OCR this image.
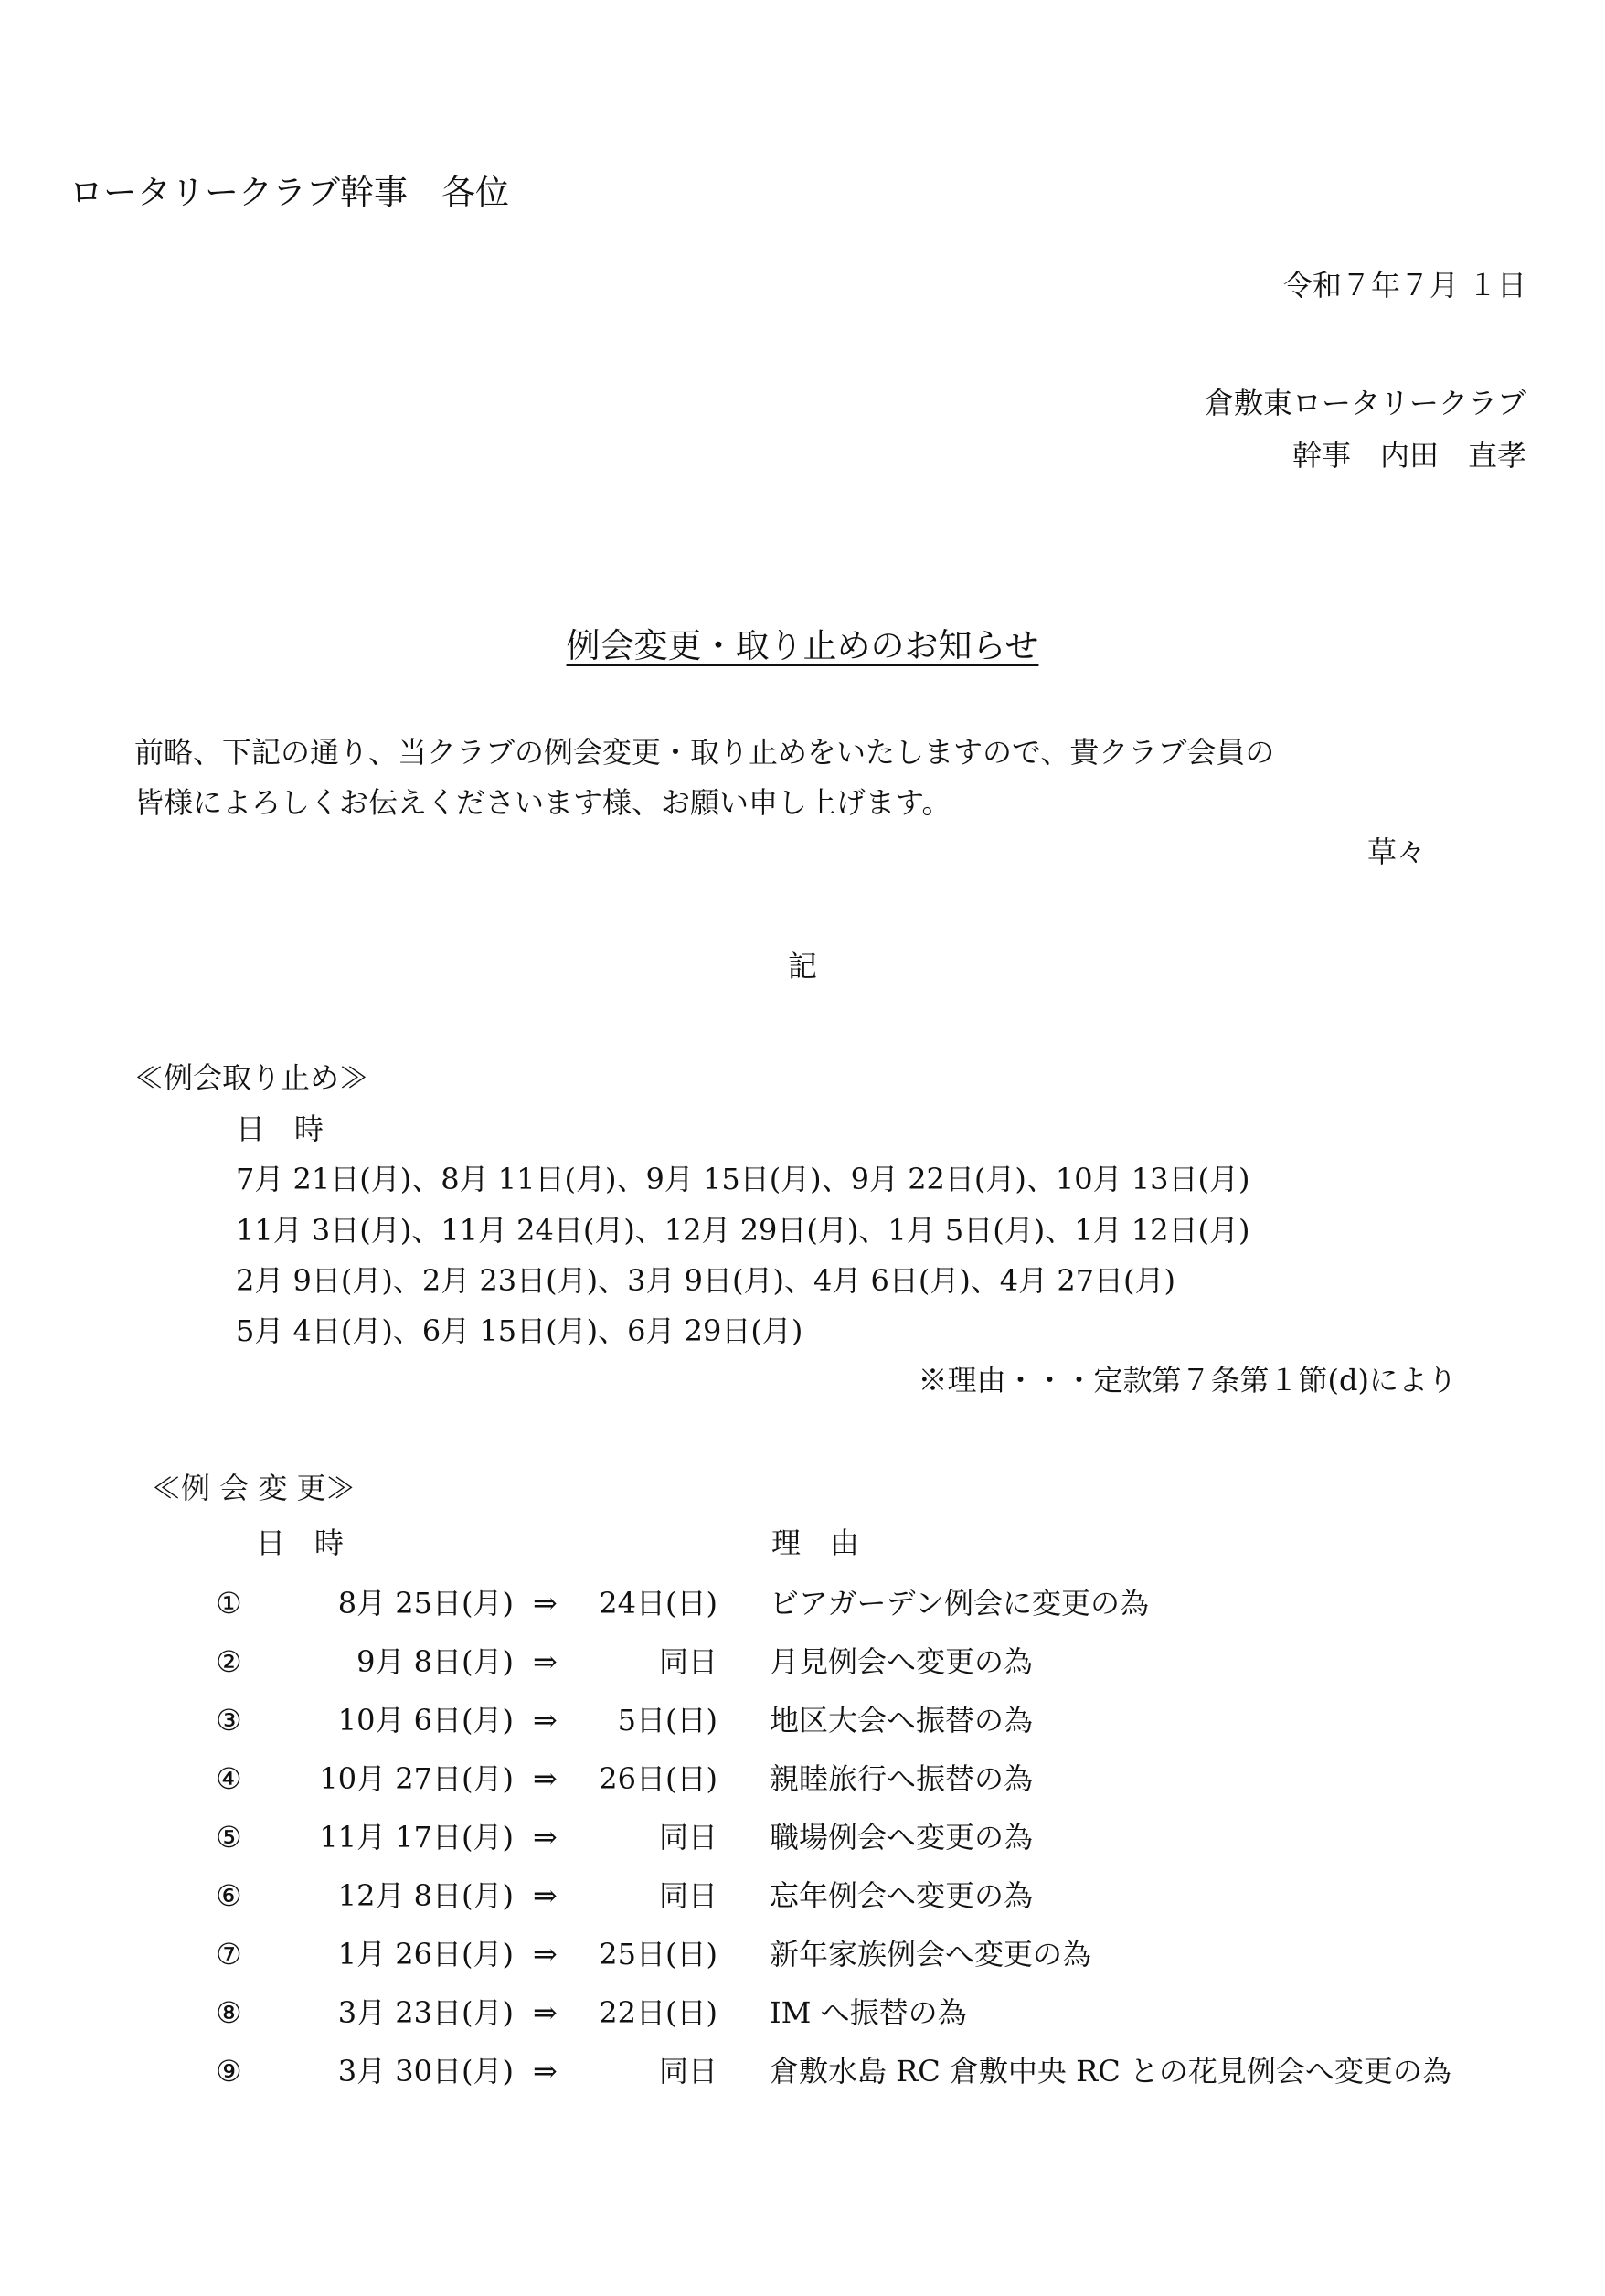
ロータリークラブ幹事　各位
令和７年７月 １日
倉敷東ロータリークラブ
幹事　内田　直孝
例会変更・取り止めのお知らせ
前略、下記の通り、当クラブの例会変更・取り止めをいたしますので、貴クラブ会員の
皆様によろしくお伝えくださいます様、お願い申し上げます。
草々
記
≪例会取り止め≫
日　時
7月 21日(月)、8月 11日(月)、9月 15日(月)、9月 22日(月)、10月 13日(月)
11月 3日(月)、11月 24日(月)、12月 29日(月)、1月 5日(月)、1月 12日(月)
2月 9日(月)、2月 23日(月)、3月 9日(月)、4月 6日(月)、4月 27日(月)
5月 4日(月)、6月 15日(月)、6月 29日(月)
※理由・・・定款第７条第１節(d)により
≪例 会 変 更≫
日　時	理　由
①	8月 25日(月) ⇒	24日(日) ビアガーデン例会に変更の為
②	9月 8日(月) ⇒	同日 月見例会へ変更の為
③	10月 6日(月) ⇒	5日(日) 地区大会へ振替の為
④	10月 27日(月) ⇒	26日(日) 親睦旅行へ振替の為
⑤	11月 17日(月) ⇒	同日 職場例会へ変更の為
⑥	12月 8日(月) ⇒	同日 忘年例会へ変更の為
⑦	1月 26日(月) ⇒	25日(日) 新年家族例会へ変更の為
⑧	3月 23日(月) ⇒	22日(日) IM へ振替の為
⑨	3月 30日(月) ⇒	同日 倉敷水島 RC 倉敷中央 RC との花見例会へ変更の為
